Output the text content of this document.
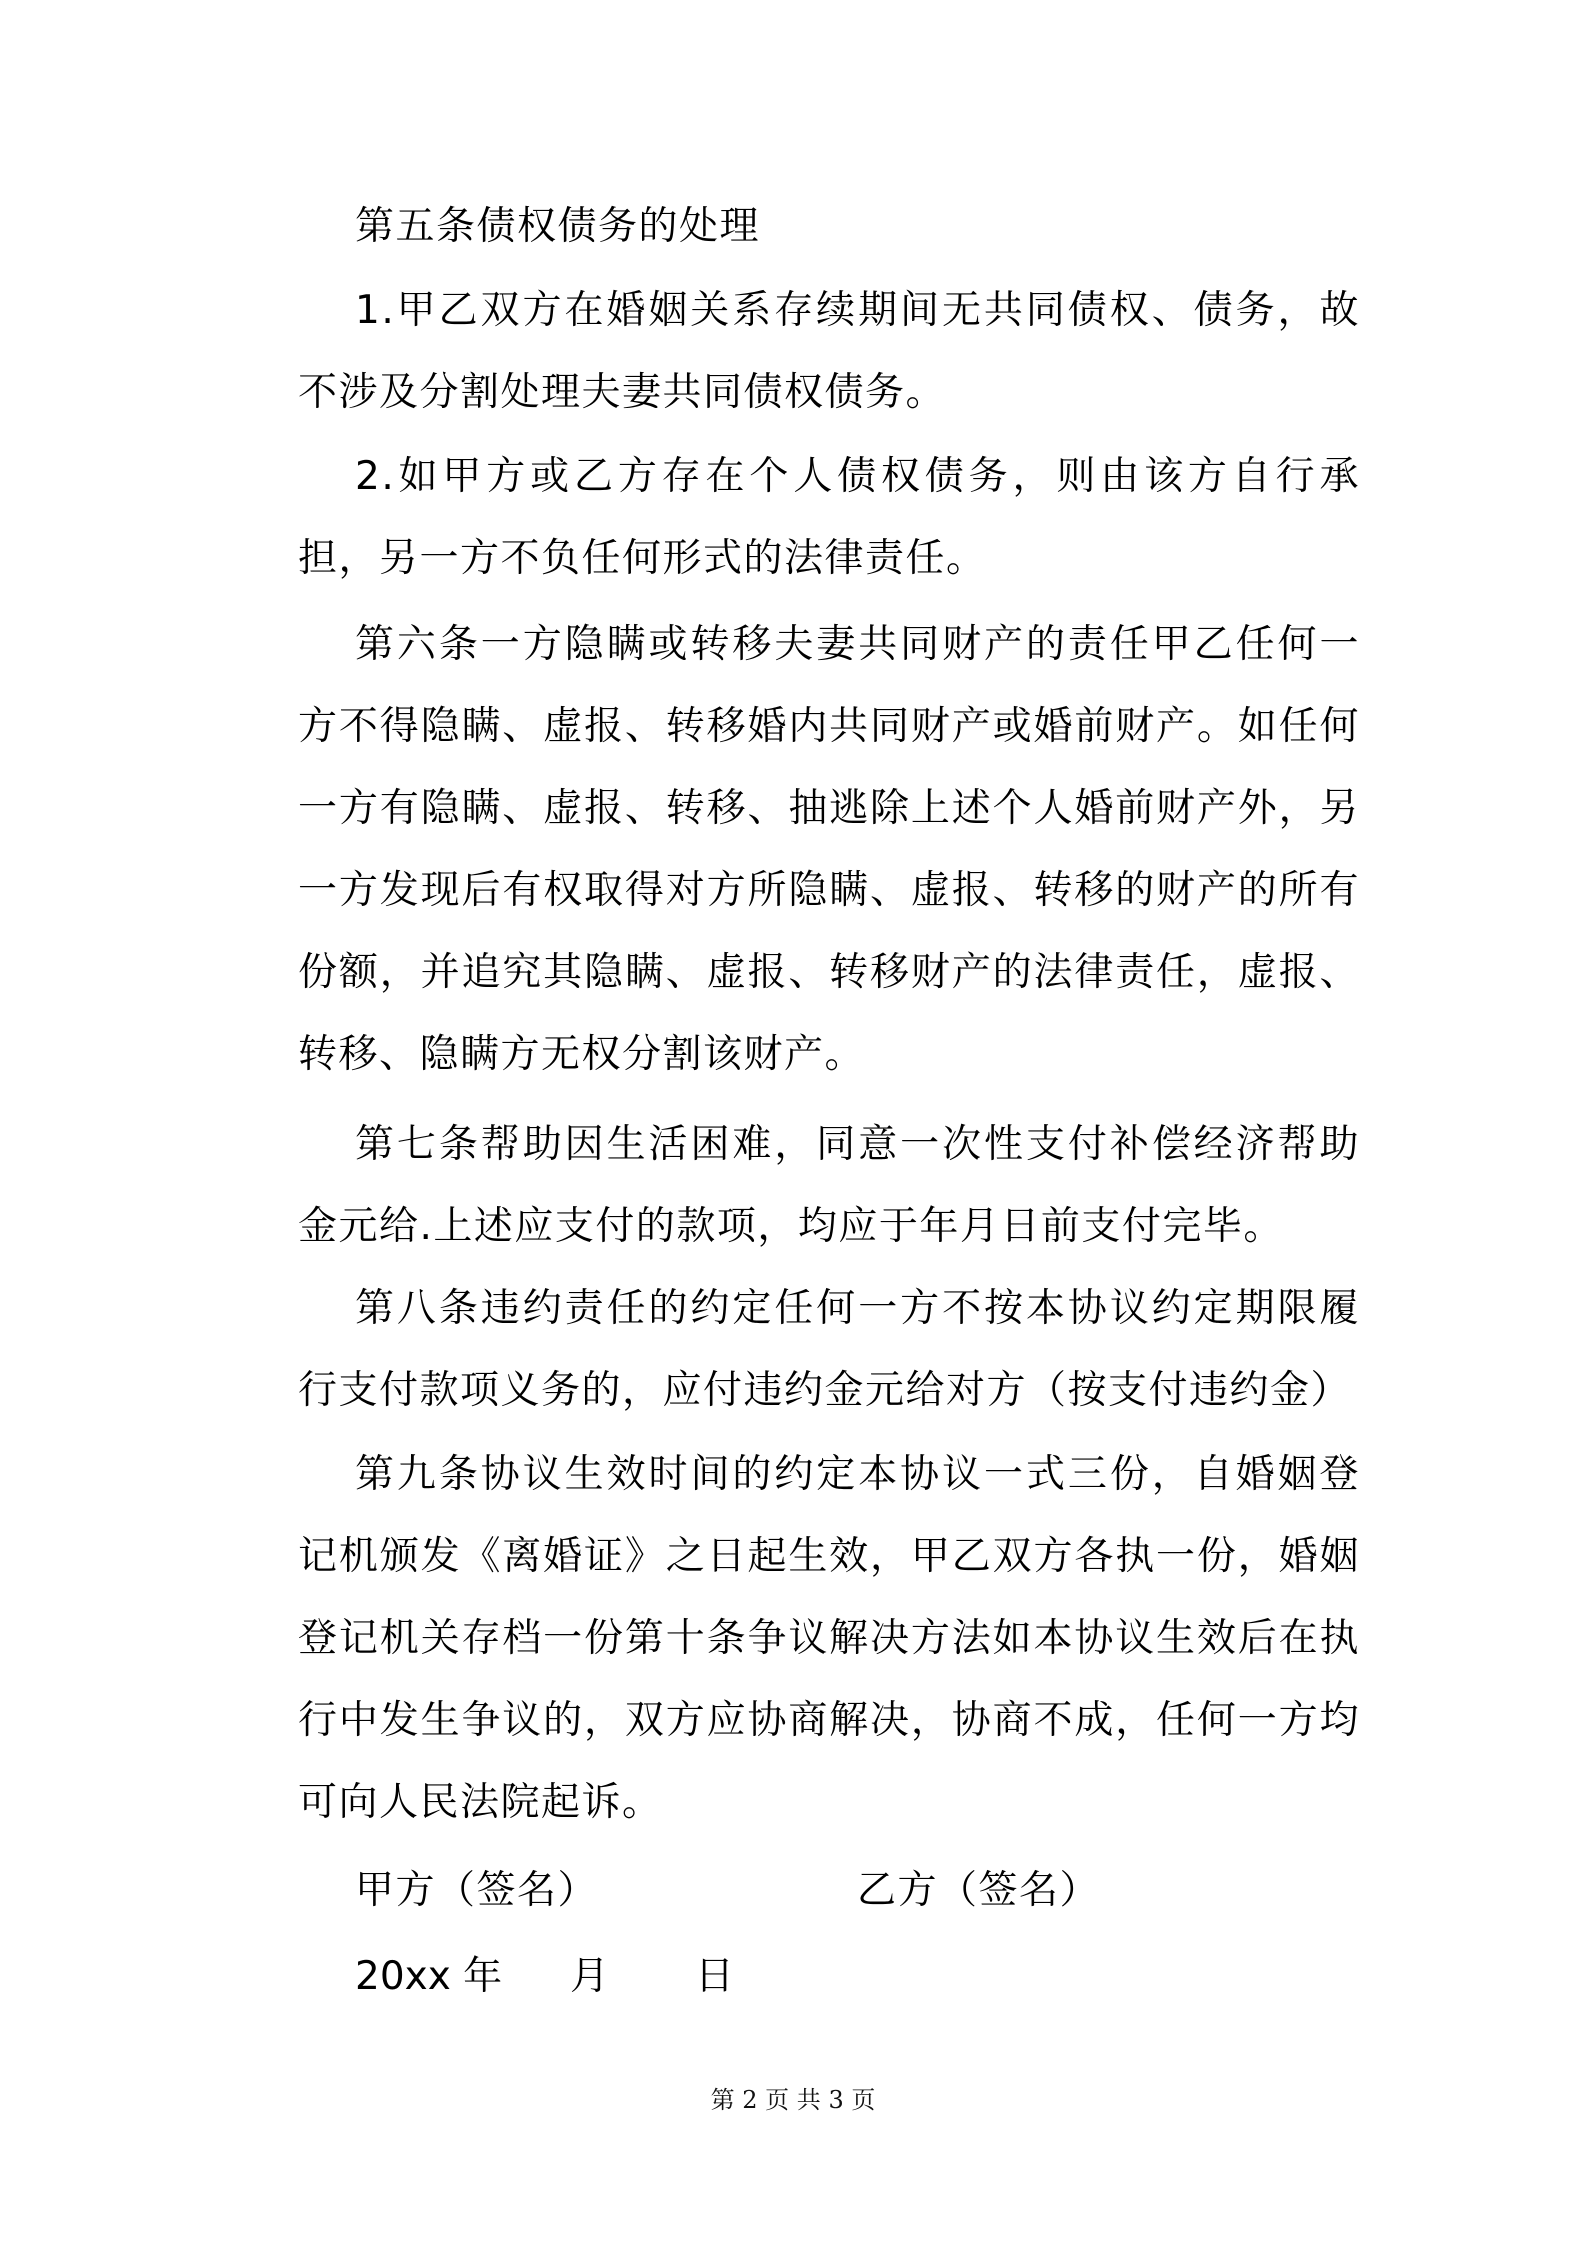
第五条债权债务的处理

1.甲乙双方在婚姻关系存续期间无共同债权、债务，故不涉及分割处理夫妻共同债权债务。

2.如甲方或乙方存在个人债权债务，则由该方自行承担，另一方不负任何形式的法律责任。

第六条一方隐瞒或转移夫妻共同财产的责任甲乙任何一方不得隐瞒、虚报、转移婚内共同财产或婚前财产。如任何一方有隐瞒、虚报、转移、抽逃除上述个人婚前财产外，另一方发现后有权取得对方所隐瞒、虚报、转移的财产的所有份额，并追究其隐瞒、虚报、转移财产的法律责任，虚报、转移、隐瞒方无权分割该财产。

第七条帮助因生活困难，同意一次性支付补偿经济帮助金元给.上述应支付的款项，均应于年月日前支付完毕。

第八条违约责任的约定任何一方不按本协议约定期限履行支付款项义务的，应付违约金元给对方（按支付违约金）

第九条协议生效时间的约定本协议一式三份，自婚姻登记机颁发《离婚证》之日起生效，甲乙双方各执一份，婚姻登记机关存档一份第十条争议解决方法如本协议生效后在执行中发生争议的，双方应协商解决，协商不成，任何一方均可向人民法院起诉。

甲方（签名）	乙方（签名）
20xx 年 月 日
第 2 页 共 3 页
